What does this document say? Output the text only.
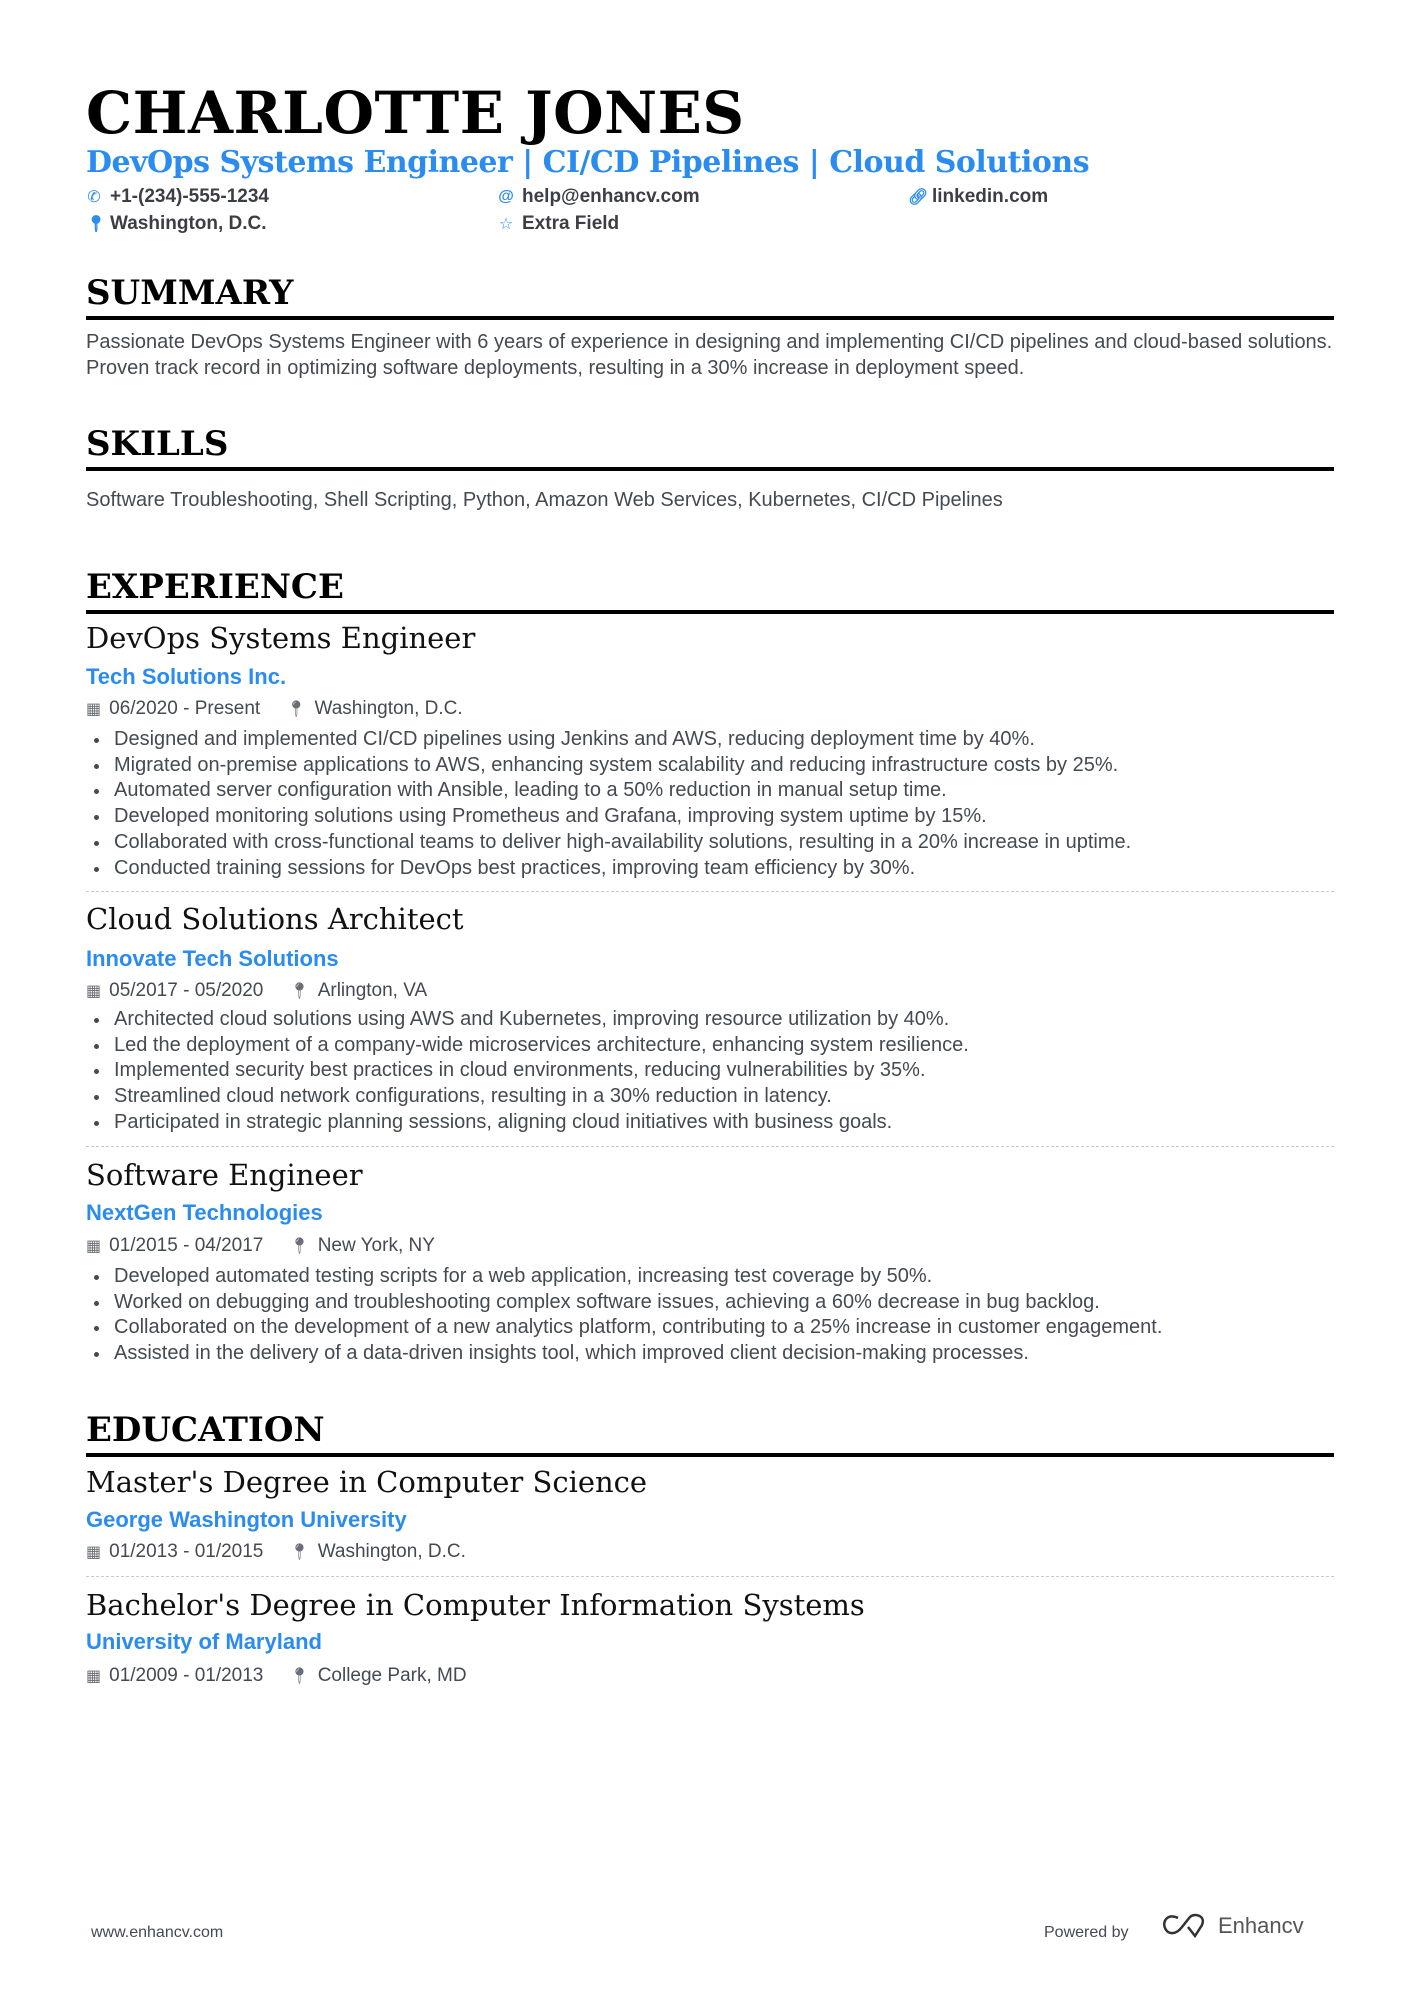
CHARLOTTE JONES
DevOps Systems Engineer | CI/CD Pipelines | Cloud Solutions
✆ +1-(234)-555-1234	@ help@enhancv.com	🔗︎ linkedin.com
📍︎ Washington, D.C.	☆ Extra Field
SUMMARY
Passionate DevOps Systems Engineer with 6 years of experience in designing and implementing CI/CD pipelines and cloud-based solutions. Proven track record in optimizing software deployments, resulting in a 30% increase in deployment speed.
SKILLS
Software Troubleshooting, Shell Scripting, Python, Amazon Web Services, Kubernetes, CI/CD Pipelines
EXPERIENCE
DevOps Systems Engineer
Tech Solutions Inc.
▦ 06/2020 - Present 📍︎ Washington, D.C.
Designed and implemented CI/CD pipelines using Jenkins and AWS, reducing deployment time by 40%.
Migrated on-premise applications to AWS, enhancing system scalability and reducing infrastructure costs by 25%.
Automated server configuration with Ansible, leading to a 50% reduction in manual setup time.
Developed monitoring solutions using Prometheus and Grafana, improving system uptime by 15%.
Collaborated with cross-functional teams to deliver high-availability solutions, resulting in a 20% increase in uptime.
Conducted training sessions for DevOps best practices, improving team efficiency by 30%.
Cloud Solutions Architect
Innovate Tech Solutions
▦ 05/2017 - 05/2020 📍︎ Arlington, VA
Architected cloud solutions using AWS and Kubernetes, improving resource utilization by 40%.
Led the deployment of a company-wide microservices architecture, enhancing system resilience.
Implemented security best practices in cloud environments, reducing vulnerabilities by 35%.
Streamlined cloud network configurations, resulting in a 30% reduction in latency.
Participated in strategic planning sessions, aligning cloud initiatives with business goals.
Software Engineer
NextGen Technologies
▦ 01/2015 - 04/2017 📍︎ New York, NY
Developed automated testing scripts for a web application, increasing test coverage by 50%.
Worked on debugging and troubleshooting complex software issues, achieving a 60% decrease in bug backlog.
Collaborated on the development of a new analytics platform, contributing to a 25% increase in customer engagement.
Assisted in the delivery of a data-driven insights tool, which improved client decision-making processes.
EDUCATION
Master's Degree in Computer Science
George Washington University
▦ 01/2013 - 01/2015 📍︎ Washington, D.C.
Bachelor's Degree in Computer Information Systems
University of Maryland
▦ 01/2009 - 01/2013 📍︎ College Park, MD
www.enhancv.com	Powered by	Enhancv
